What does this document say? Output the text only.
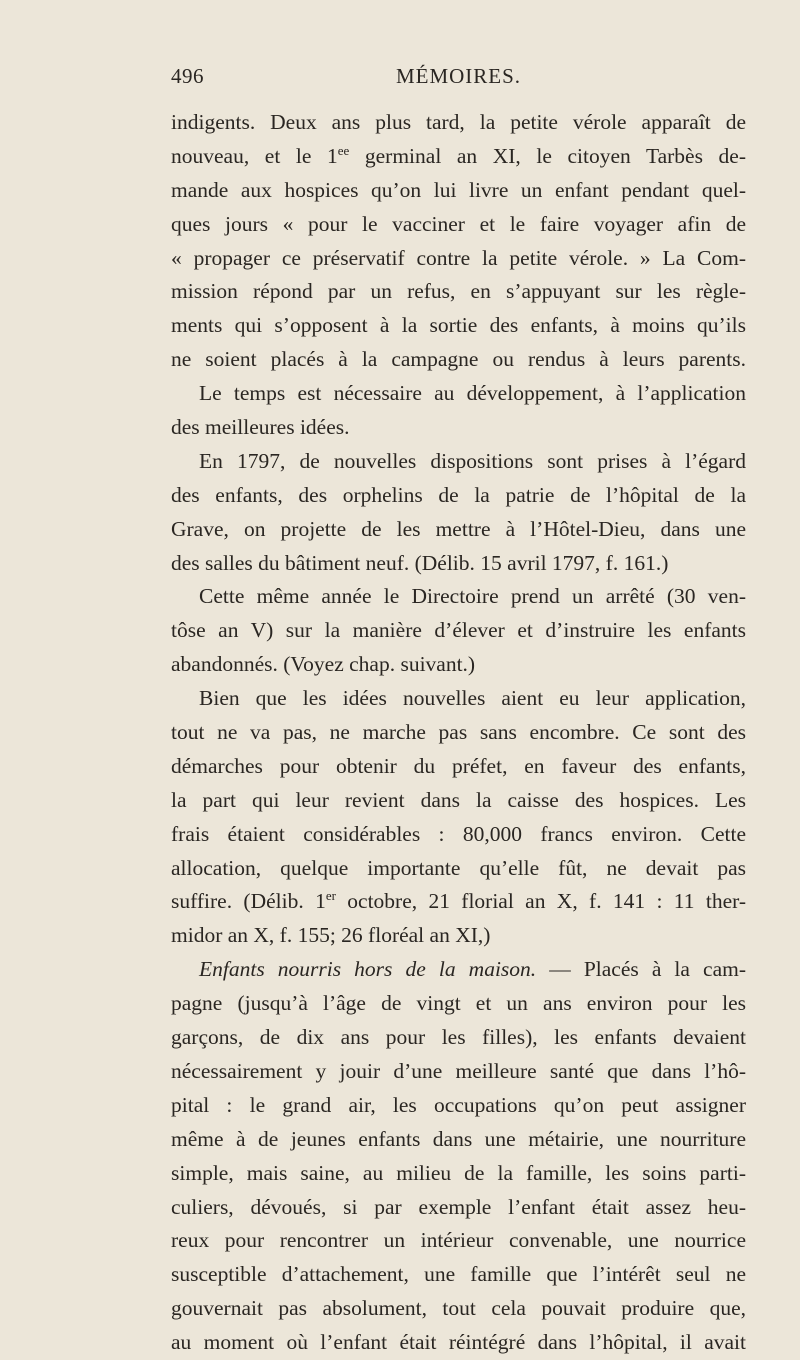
496	MÉMOIRES.
indigents. Deux ans plus tard, la petite vérole apparaît de
nouveau, et le $1^{ee}$ germinal an XI, le citoyen Tarbès de-
mande aux hospices qu’on lui livre un enfant pendant quel-
ques jours « pour le vacciner et le faire voyager afin de
« propager ce préservatif contre la petite vérole. » La Com-
mission répond par un refus, en s’appuyant sur les règle-
ments qui s’opposent à la sortie des enfants, à moins qu’ils
ne soient placés à la campagne ou rendus à leurs parents.
Le temps est nécessaire au développement, à l’application
des meilleures idées.
En 1797, de nouvelles dispositions sont prises à l’égard
des enfants, des orphelins de la patrie de l’hôpital de la
Grave, on projette de les mettre à l’Hôtel-Dieu, dans une
des salles du bâtiment neuf. (Délib. 15 avril 1797, f. 161.)
Cette même année le Directoire prend un arrêté (30 ven-
tôse an V) sur la manière d’élever et d’instruire les enfants
abandonnés. (Voyez chap. suivant.)
Bien que les idées nouvelles aient eu leur application,
tout ne va pas, ne marche pas sans encombre. Ce sont des
démarches pour obtenir du préfet, en faveur des enfants,
la part qui leur revient dans la caisse des hospices. Les
frais étaient considérables : 80,000 francs environ. Cette
allocation, quelque importante qu’elle fût, ne devait pas
suffire. (Délib. 1er octobre, 21 florial an X, f. 141 : 11 ther-
midor an X, f. 155; 26 floréal an XI,)
Enfants nourris hors de la maison. — Placés à la cam-
pagne (jusqu’à l’âge de vingt et un ans environ pour les
garçons, de dix ans pour les filles), les enfants devaient
nécessairement y jouir d’une meilleure santé que dans l’hô-
pital : le grand air, les occupations qu’on peut assigner
même à de jeunes enfants dans une métairie, une nourriture
simple, mais saine, au milieu de la famille, les soins parti-
culiers, dévoués, si par exemple l’enfant était assez heu-
reux pour rencontrer un intérieur convenable, une nourrice
susceptible d’attachement, une famille que l’intérêt seul ne
gouvernait pas absolument, tout cela pouvait produire que,
au moment où l’enfant était réintégré dans l’hôpital, il avait
